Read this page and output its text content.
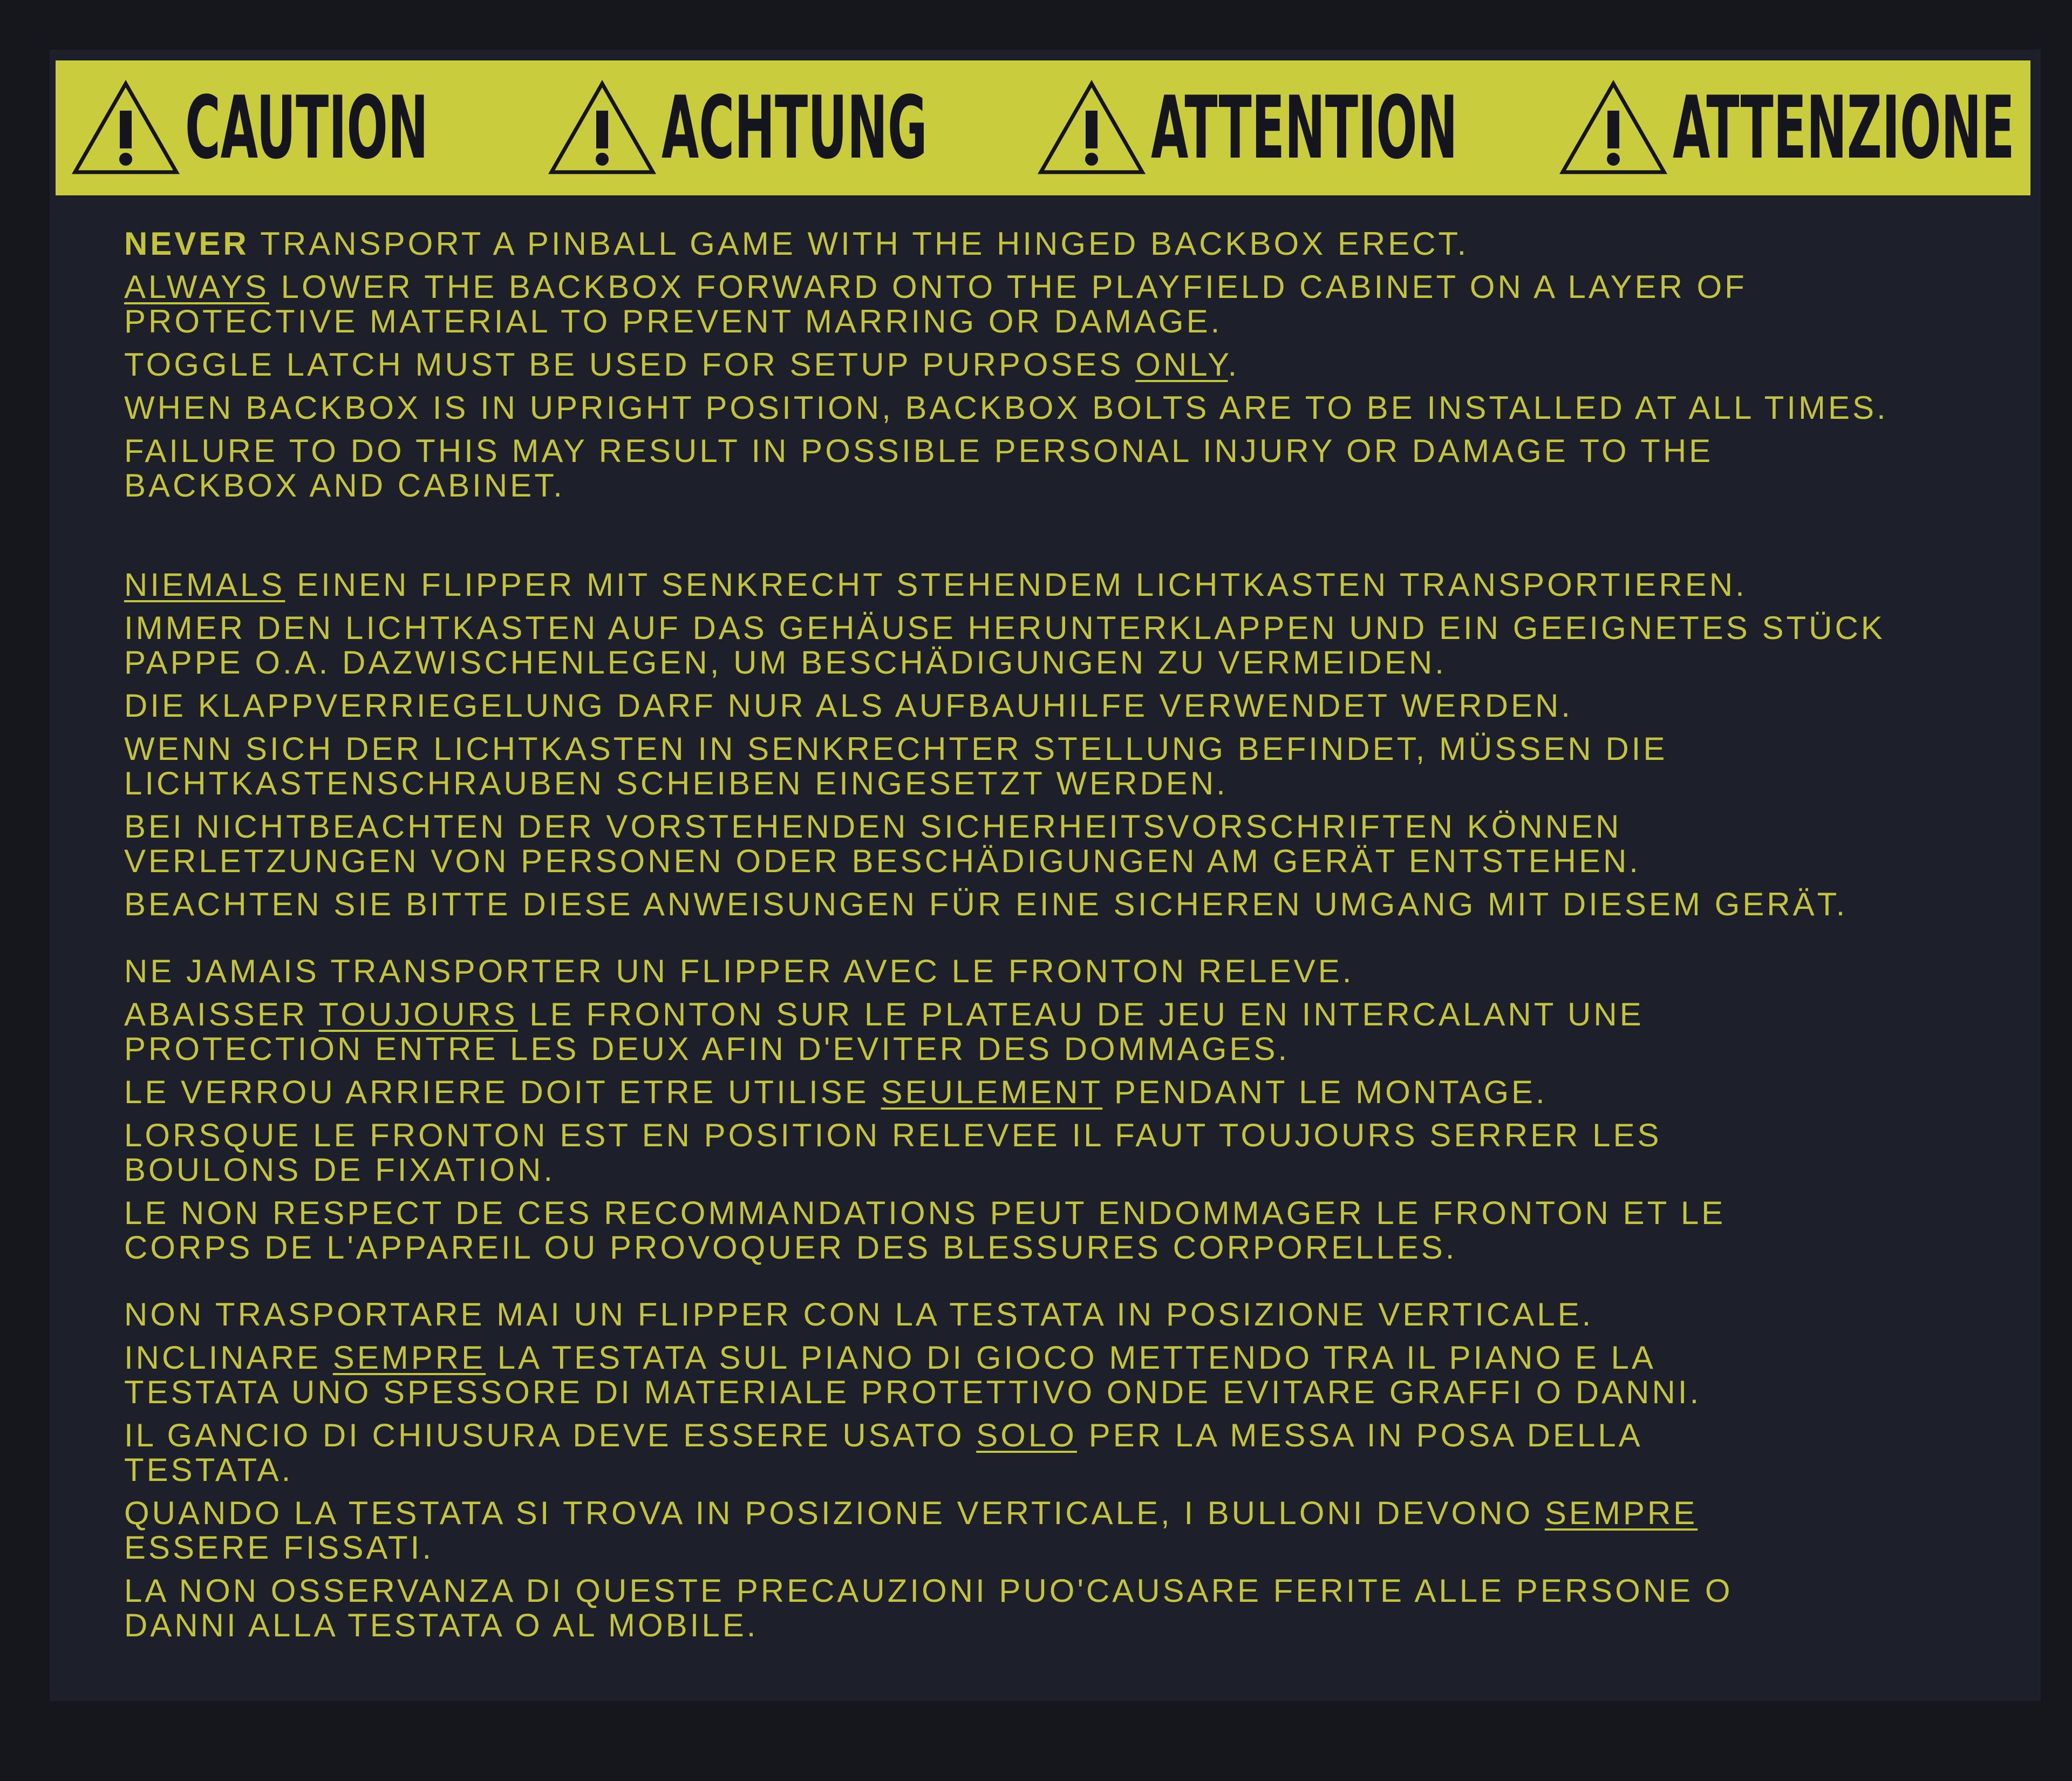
CAUTION	ACHTUNG	ATTENTION ATTENZIONE

NEVER TRANSPORT A PINBALL GAME WITH THE HINGED BACKBOX ERECT.

ALWAYS LOWER THE BACKBOX FORWARD ONTO THE PLAYFIELD CABINET ON A LAYER OF
PROTECTIVE MATERIAL TO PREVENT MARRING OR DAMAGE.

TOGGLE LATCH MUST BE USED FOR SETUP PURPOSES ONLY.

WHEN BACKBOX IS IN UPRIGHT POSITION, BACKBOX BOLTS ARE TO BE INSTALLED AT ALL TIMES.

FAILURE TO DO THIS MAY RESULT IN POSSIBLE PERSONAL INJURY OR DAMAGE TO THE
BACKBOX AND CABINET.

NIEMALS EINEN FLIPPER MIT SENKRECHT STEHENDEM LICHTKASTEN TRANSPORTIEREN.

IMMER DEN LICHTKASTEN AUF DAS GEHÄUSE HERUNTERKLAPPEN UND EIN GEEIGNETES STÜCK
PAPPE O.A. DAZWISCHENLEGEN, UM BESCHÄDIGUNGEN ZU VERMEIDEN.

DIE KLAPPVERRIEGELUNG DARF NUR ALS AUFBAUHILFE VERWENDET WERDEN.

WENN SICH DER LICHTKASTEN IN SENKRECHTER STELLUNG BEFINDET, MÜSSEN DIE
LICHTKASTENSCHRAUBEN SCHEIBEN EINGESETZT WERDEN.

BEI NICHTBEACHTEN DER VORSTEHENDEN SICHERHEITSVORSCHRIFTEN KÖNNEN
VERLETZUNGEN VON PERSONEN ODER BESCHÄDIGUNGEN AM GERÄT ENTSTEHEN.

BEACHTEN SIE BITTE DIESE ANWEISUNGEN FÜR EINE SICHEREN UMGANG MIT DIESEM GERÄT.

NE JAMAIS TRANSPORTER UN FLIPPER AVEC LE FRONTON RELEVE.

ABAISSER TOUJOURS LE FRONTON SUR LE PLATEAU DE JEU EN INTERCALANT UNE
PROTECTION ENTRE LES DEUX AFIN D'EVITER DES DOMMAGES.

LE VERROU ARRIERE DOIT ETRE UTILISE SEULEMENT PENDANT LE MONTAGE.

LORSQUE LE FRONTON EST EN POSITION RELEVEE IL FAUT TOUJOURS SERRER LES
BOULONS DE FIXATION.

LE NON RESPECT DE CES RECOMMANDATIONS PEUT ENDOMMAGER LE FRONTON ET LE
CORPS DE L'APPAREIL OU PROVOQUER DES BLESSURES CORPORELLES.

NON TRASPORTARE MAI UN FLIPPER CON LA TESTATA IN POSIZIONE VERTICALE.

INCLINARE SEMPRE LA TESTATA SUL PIANO DI GIOCO METTENDO TRA IL PIANO E LA
TESTATA UNO SPESSORE DI MATERIALE PROTETTIVO ONDE EVITARE GRAFFI O DANNI.

IL GANCIO DI CHIUSURA DEVE ESSERE USATO SOLO PER LA MESSA IN POSA DELLA
TESTATA.

QUANDO LA TESTATA SI TROVA IN POSIZIONE VERTICALE, I BULLONI DEVONO SEMPRE
ESSERE FISSATI.

LA NON OSSERVANZA DI QUESTE PRECAUZIONI PUO'CAUSARE FERITE ALLE PERSONE O
DANNI ALLA TESTATA O AL MOBILE.
